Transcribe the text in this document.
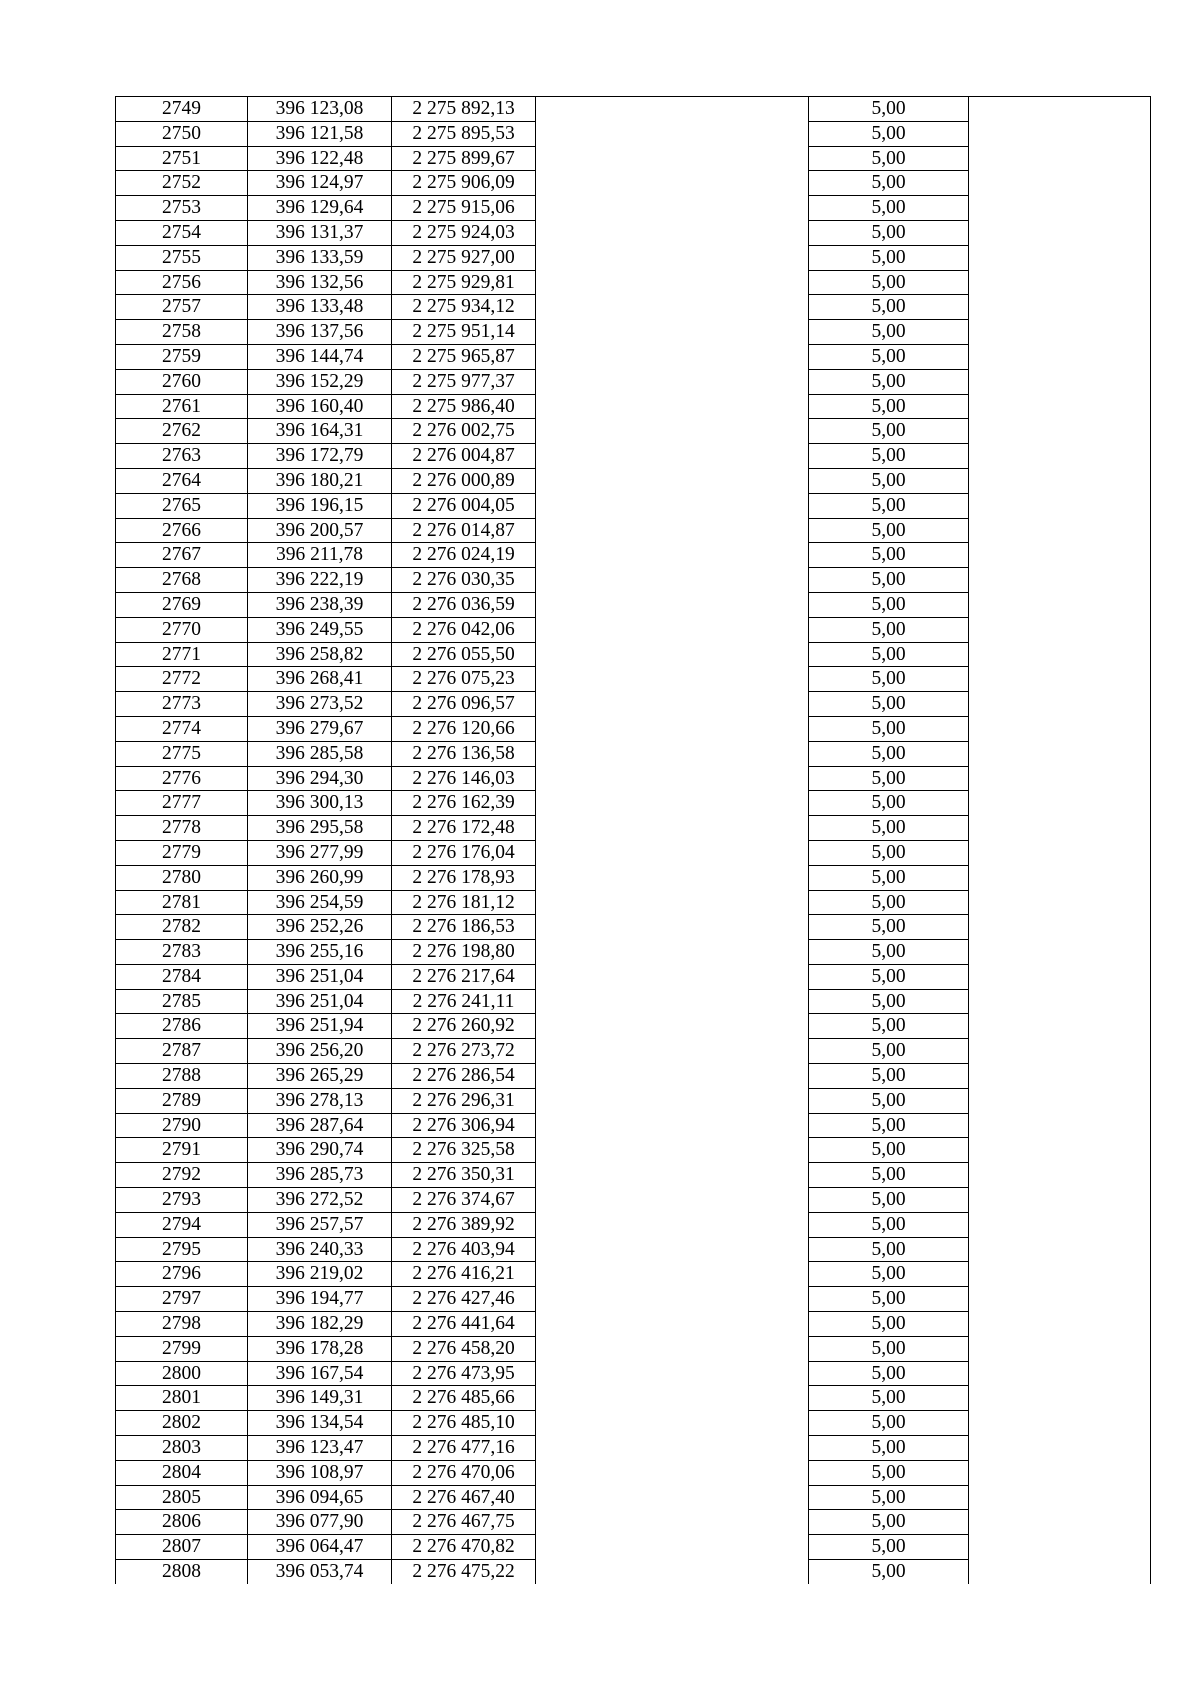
2749	396 123,08	2 275 892,13		5,00	
2750	396 121,58	2 275 895,53		5,00	
2751	396 122,48	2 275 899,67		5,00	
2752	396 124,97	2 275 906,09		5,00	
2753	396 129,64	2 275 915,06		5,00	
2754	396 131,37	2 275 924,03		5,00	
2755	396 133,59	2 275 927,00		5,00	
2756	396 132,56	2 275 929,81		5,00	
2757	396 133,48	2 275 934,12		5,00	
2758	396 137,56	2 275 951,14		5,00	
2759	396 144,74	2 275 965,87		5,00	
2760	396 152,29	2 275 977,37		5,00	
2761	396 160,40	2 275 986,40		5,00	
2762	396 164,31	2 276 002,75		5,00	
2763	396 172,79	2 276 004,87		5,00	
2764	396 180,21	2 276 000,89		5,00	
2765	396 196,15	2 276 004,05		5,00	
2766	396 200,57	2 276 014,87		5,00	
2767	396 211,78	2 276 024,19		5,00	
2768	396 222,19	2 276 030,35		5,00	
2769	396 238,39	2 276 036,59		5,00	
2770	396 249,55	2 276 042,06		5,00	
2771	396 258,82	2 276 055,50		5,00	
2772	396 268,41	2 276 075,23		5,00	
2773	396 273,52	2 276 096,57		5,00	
2774	396 279,67	2 276 120,66		5,00	
2775	396 285,58	2 276 136,58		5,00	
2776	396 294,30	2 276 146,03		5,00	
2777	396 300,13	2 276 162,39		5,00	
2778	396 295,58	2 276 172,48		5,00	
2779	396 277,99	2 276 176,04		5,00	
2780	396 260,99	2 276 178,93		5,00	
2781	396 254,59	2 276 181,12		5,00	
2782	396 252,26	2 276 186,53		5,00	
2783	396 255,16	2 276 198,80		5,00	
2784	396 251,04	2 276 217,64		5,00	
2785	396 251,04	2 276 241,11		5,00	
2786	396 251,94	2 276 260,92		5,00	
2787	396 256,20	2 276 273,72		5,00	
2788	396 265,29	2 276 286,54		5,00	
2789	396 278,13	2 276 296,31		5,00	
2790	396 287,64	2 276 306,94		5,00	
2791	396 290,74	2 276 325,58		5,00	
2792	396 285,73	2 276 350,31		5,00	
2793	396 272,52	2 276 374,67		5,00	
2794	396 257,57	2 276 389,92		5,00	
2795	396 240,33	2 276 403,94		5,00	
2796	396 219,02	2 276 416,21		5,00	
2797	396 194,77	2 276 427,46		5,00	
2798	396 182,29	2 276 441,64		5,00	
2799	396 178,28	2 276 458,20		5,00	
2800	396 167,54	2 276 473,95		5,00	
2801	396 149,31	2 276 485,66		5,00	
2802	396 134,54	2 276 485,10		5,00	
2803	396 123,47	2 276 477,16		5,00	
2804	396 108,97	2 276 470,06		5,00	
2805	396 094,65	2 276 467,40		5,00	
2806	396 077,90	2 276 467,75		5,00	
2807	396 064,47	2 276 470,82		5,00	
2808	396 053,74	2 276 475,22		5,00	
